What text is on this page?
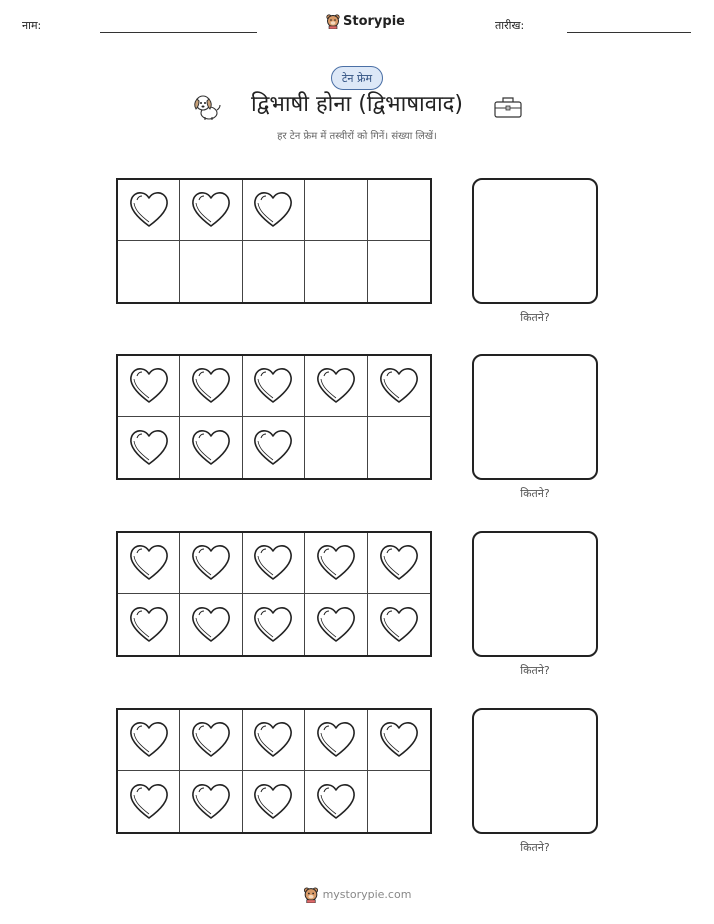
नाम:	Storypie	तारीख:
टेन फ्रेम
द्विभाषी होना (द्विभाषावाद)
हर टेन फ्रेम में तस्वीरों को गिनें। संख्या लिखें।
कितने?
कितने?
कितने?
कितने?
mystorypie.com
